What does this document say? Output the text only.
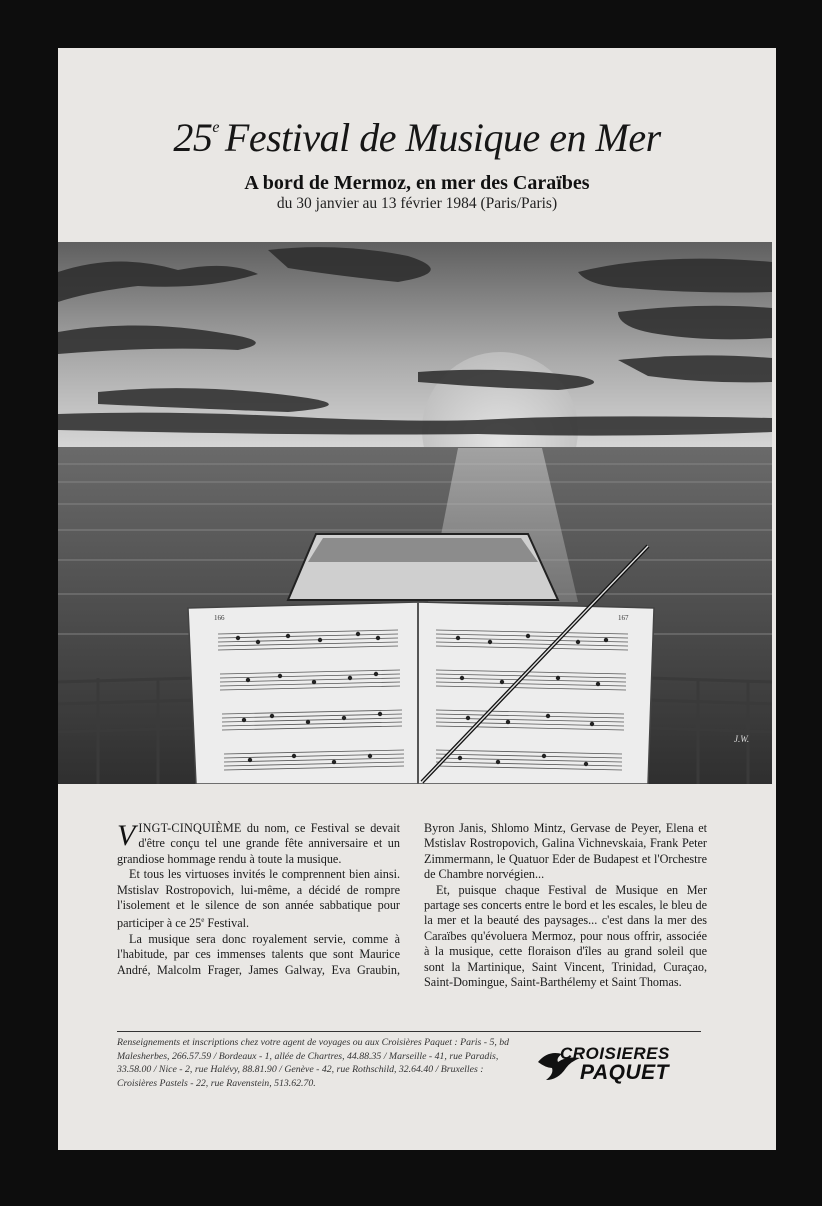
25e Festival de Musique en Mer
A bord de Mermoz, en mer des Caraïbes
du 30 janvier au 13 février 1984 (Paris/Paris)
166	167
J.W.

VINGT-CINQUIÈME du nom, ce Festival se devait d'être conçu tel une grande fête anniversaire et un grandiose hommage rendu à toute la musique.

Et tous les virtuoses invités le comprennent bien ainsi. Mstislav Rostropovich, lui-même, a décidé de rompre l'isolement et le silence de son année sabbatique pour participer à ce 25e Festival.

La musique sera donc royalement servie, comme à l'habitude, par ces immenses talents que sont Maurice André, Malcolm Frager, James Galway, Eva Graubin, Byron Janis, Shlomo Mintz, Gervase de Peyer, Elena et Mstislav Rostropovich, Galina Vichnevskaia, Frank Peter Zimmermann, le Quatuor Eder de Budapest et l'Orchestre de Chambre norvégien...

Et, puisque chaque Festival de Musique en Mer partage ses concerts entre le bord et les escales, le bleu de la mer et la beauté des paysages... c'est dans la mer des Caraïbes qu'évoluera Mermoz, pour nous offrir, associée à la musique, cette floraison d'îles au grand soleil que sont la Martinique, Saint Vincent, Trinidad, Curaçao, Saint-Domingue, Saint-Barthélemy et Saint Thomas.

Renseignements et inscriptions chez votre agent de voyages ou aux Croisières Paquet : Paris - 5, bd Malesherbes, 266.57.59 / Bordeaux - 1, allée de Chartres, 44.88.35 / Marseille - 41, rue Paradis, 33.58.00 / Nice - 2, rue Halévy, 88.81.90 / Genève - 42, rue Rothschild, 32.64.40 / Bruxelles : Croisières Pastels - 22, rue Ravenstein, 513.62.70.
CROISIERES
PAQUET
